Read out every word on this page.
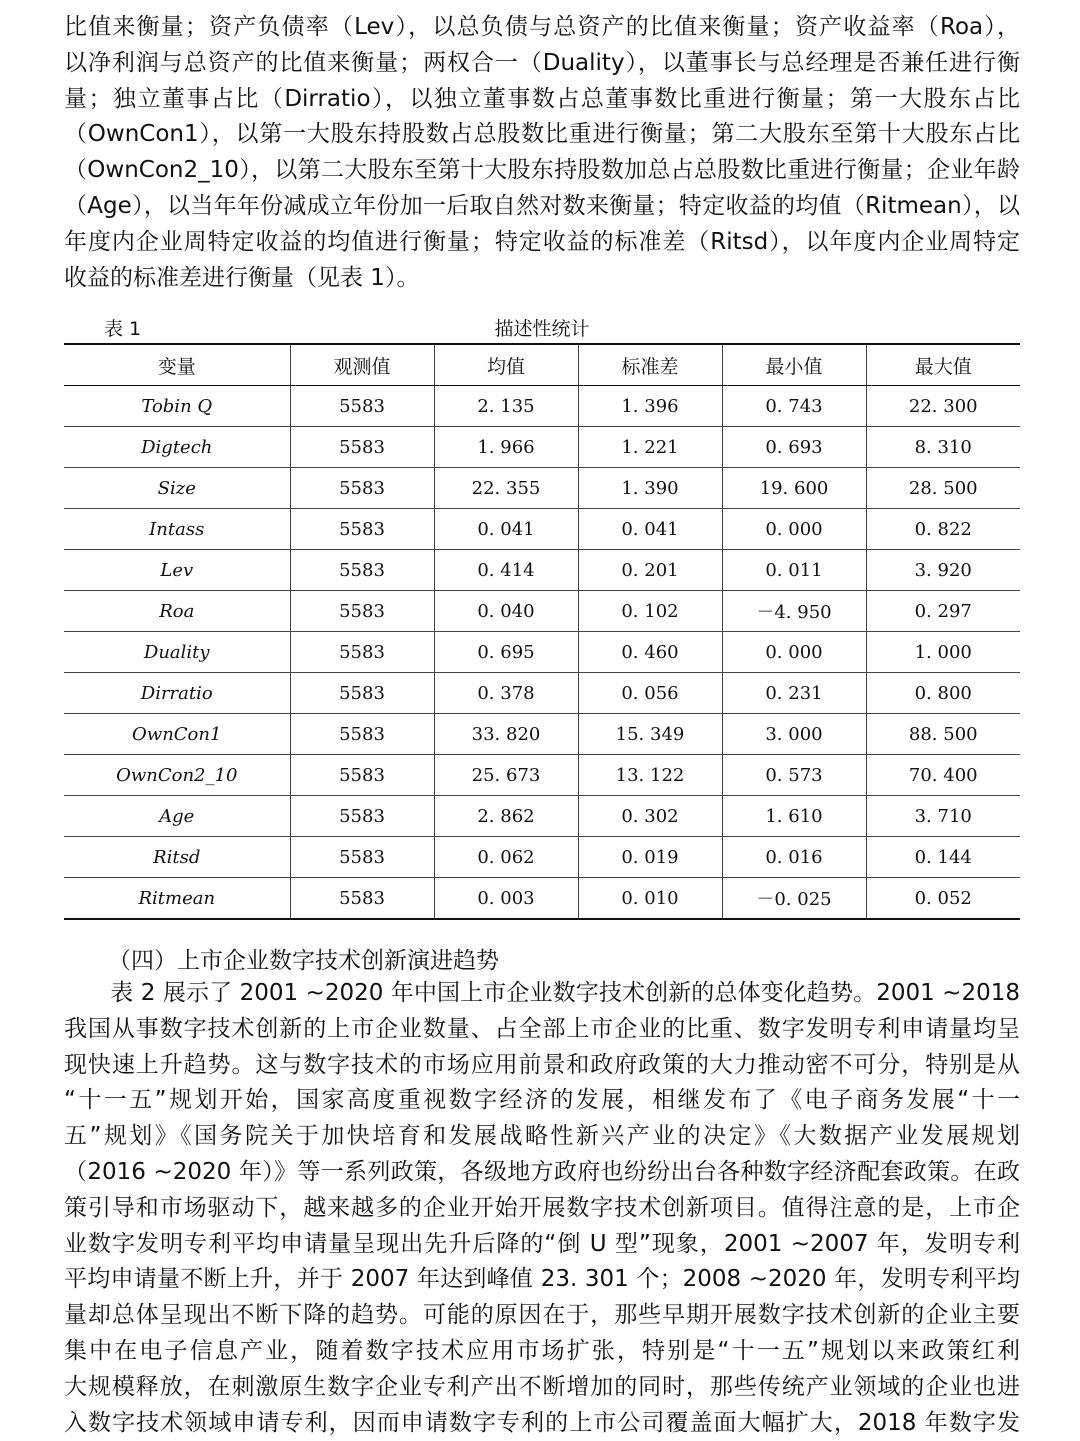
比值来衡量；资产负债率（Lev），以总负债与总资产的比值来衡量；资产收益率（Roa），
以净利润与总资产的比值来衡量；两权合一（Duality），以董事长与总经理是否兼任进行衡
量；独立董事占比（Dirratio），以独立董事数占总董事数比重进行衡量；第一大股东占比
（OwnCon1），以第一大股东持股数占总股数比重进行衡量；第二大股东至第十大股东占比
（OwnCon2_10），以第二大股东至第十大股东持股数加总占总股数比重进行衡量；企业年龄
（Age），以当年年份减成立年份加一后取自然对数来衡量；特定收益的均值（Ritmean），以
年度内企业周特定收益的均值进行衡量；特定收益的标准差（Ritsd），以年度内企业周特定
收益的标准差进行衡量（见表 1）。
表 1	描述性统计
变量	观测值	均值	标准差	最小值	最大值
Tobin Q	5583	2. 135	1. 396	0. 743	22. 300
Digtech	5583	1. 966	1. 221	0. 693	8. 310
Size	5583	22. 355	1. 390	19. 600	28. 500
Intass	5583	0. 041	0. 041	0. 000	0. 822
Lev	5583	0. 414	0. 201	0. 011	3. 920
Roa	5583	0. 040	0. 102	－4. 950	0. 297
Duality	5583	0. 695	0. 460	0. 000	1. 000
Dirratio	5583	0. 378	0. 056	0. 231	0. 800
OwnCon1	5583	33. 820	15. 349	3. 000	88. 500
OwnCon2_10	5583	25. 673	13. 122	0. 573	70. 400
Age	5583	2. 862	0. 302	1. 610	3. 710
Ritsd	5583	0. 062	0. 019	0. 016	0. 144
Ritmean	5583	0. 003	0. 010	－0. 025	0. 052
（四）上市企业数字技术创新演进趋势
　　表 2 展示了 2001 ~2020 年中国上市企业数字技术创新的总体变化趋势。2001 ~2018
我国从事数字技术创新的上市企业数量、占全部上市企业的比重、数字发明专利申请量均呈
现快速上升趋势。这与数字技术的市场应用前景和政府政策的大力推动密不可分，特别是从
“十一五”规划开始，国家高度重视数字经济的发展，相继发布了《电子商务发展“十一
五”规划》《国务院关于加快培育和发展战略性新兴产业的决定》《大数据产业发展规划
（2016 ~2020 年）》等一系列政策，各级地方政府也纷纷出台各种数字经济配套政策。在政
策引导和市场驱动下，越来越多的企业开始开展数字技术创新项目。值得注意的是，上市企
业数字发明专利平均申请量呈现出先升后降的“倒 U 型”现象，2001 ~2007 年，发明专利
平均申请量不断上升，并于 2007 年达到峰值 23. 301 个；2008 ~2020 年，发明专利平均
量却总体呈现出不断下降的趋势。可能的原因在于，那些早期开展数字技术创新的企业主要
集中在电子信息产业，随着数字技术应用市场扩张，特别是“十一五”规划以来政策红利
大规模释放，在刺激原生数字企业专利产出不断增加的同时，那些传统产业领域的企业也进
入数字技术领域申请专利，因而申请数字专利的上市公司覆盖面大幅扩大，2018 年数字发
